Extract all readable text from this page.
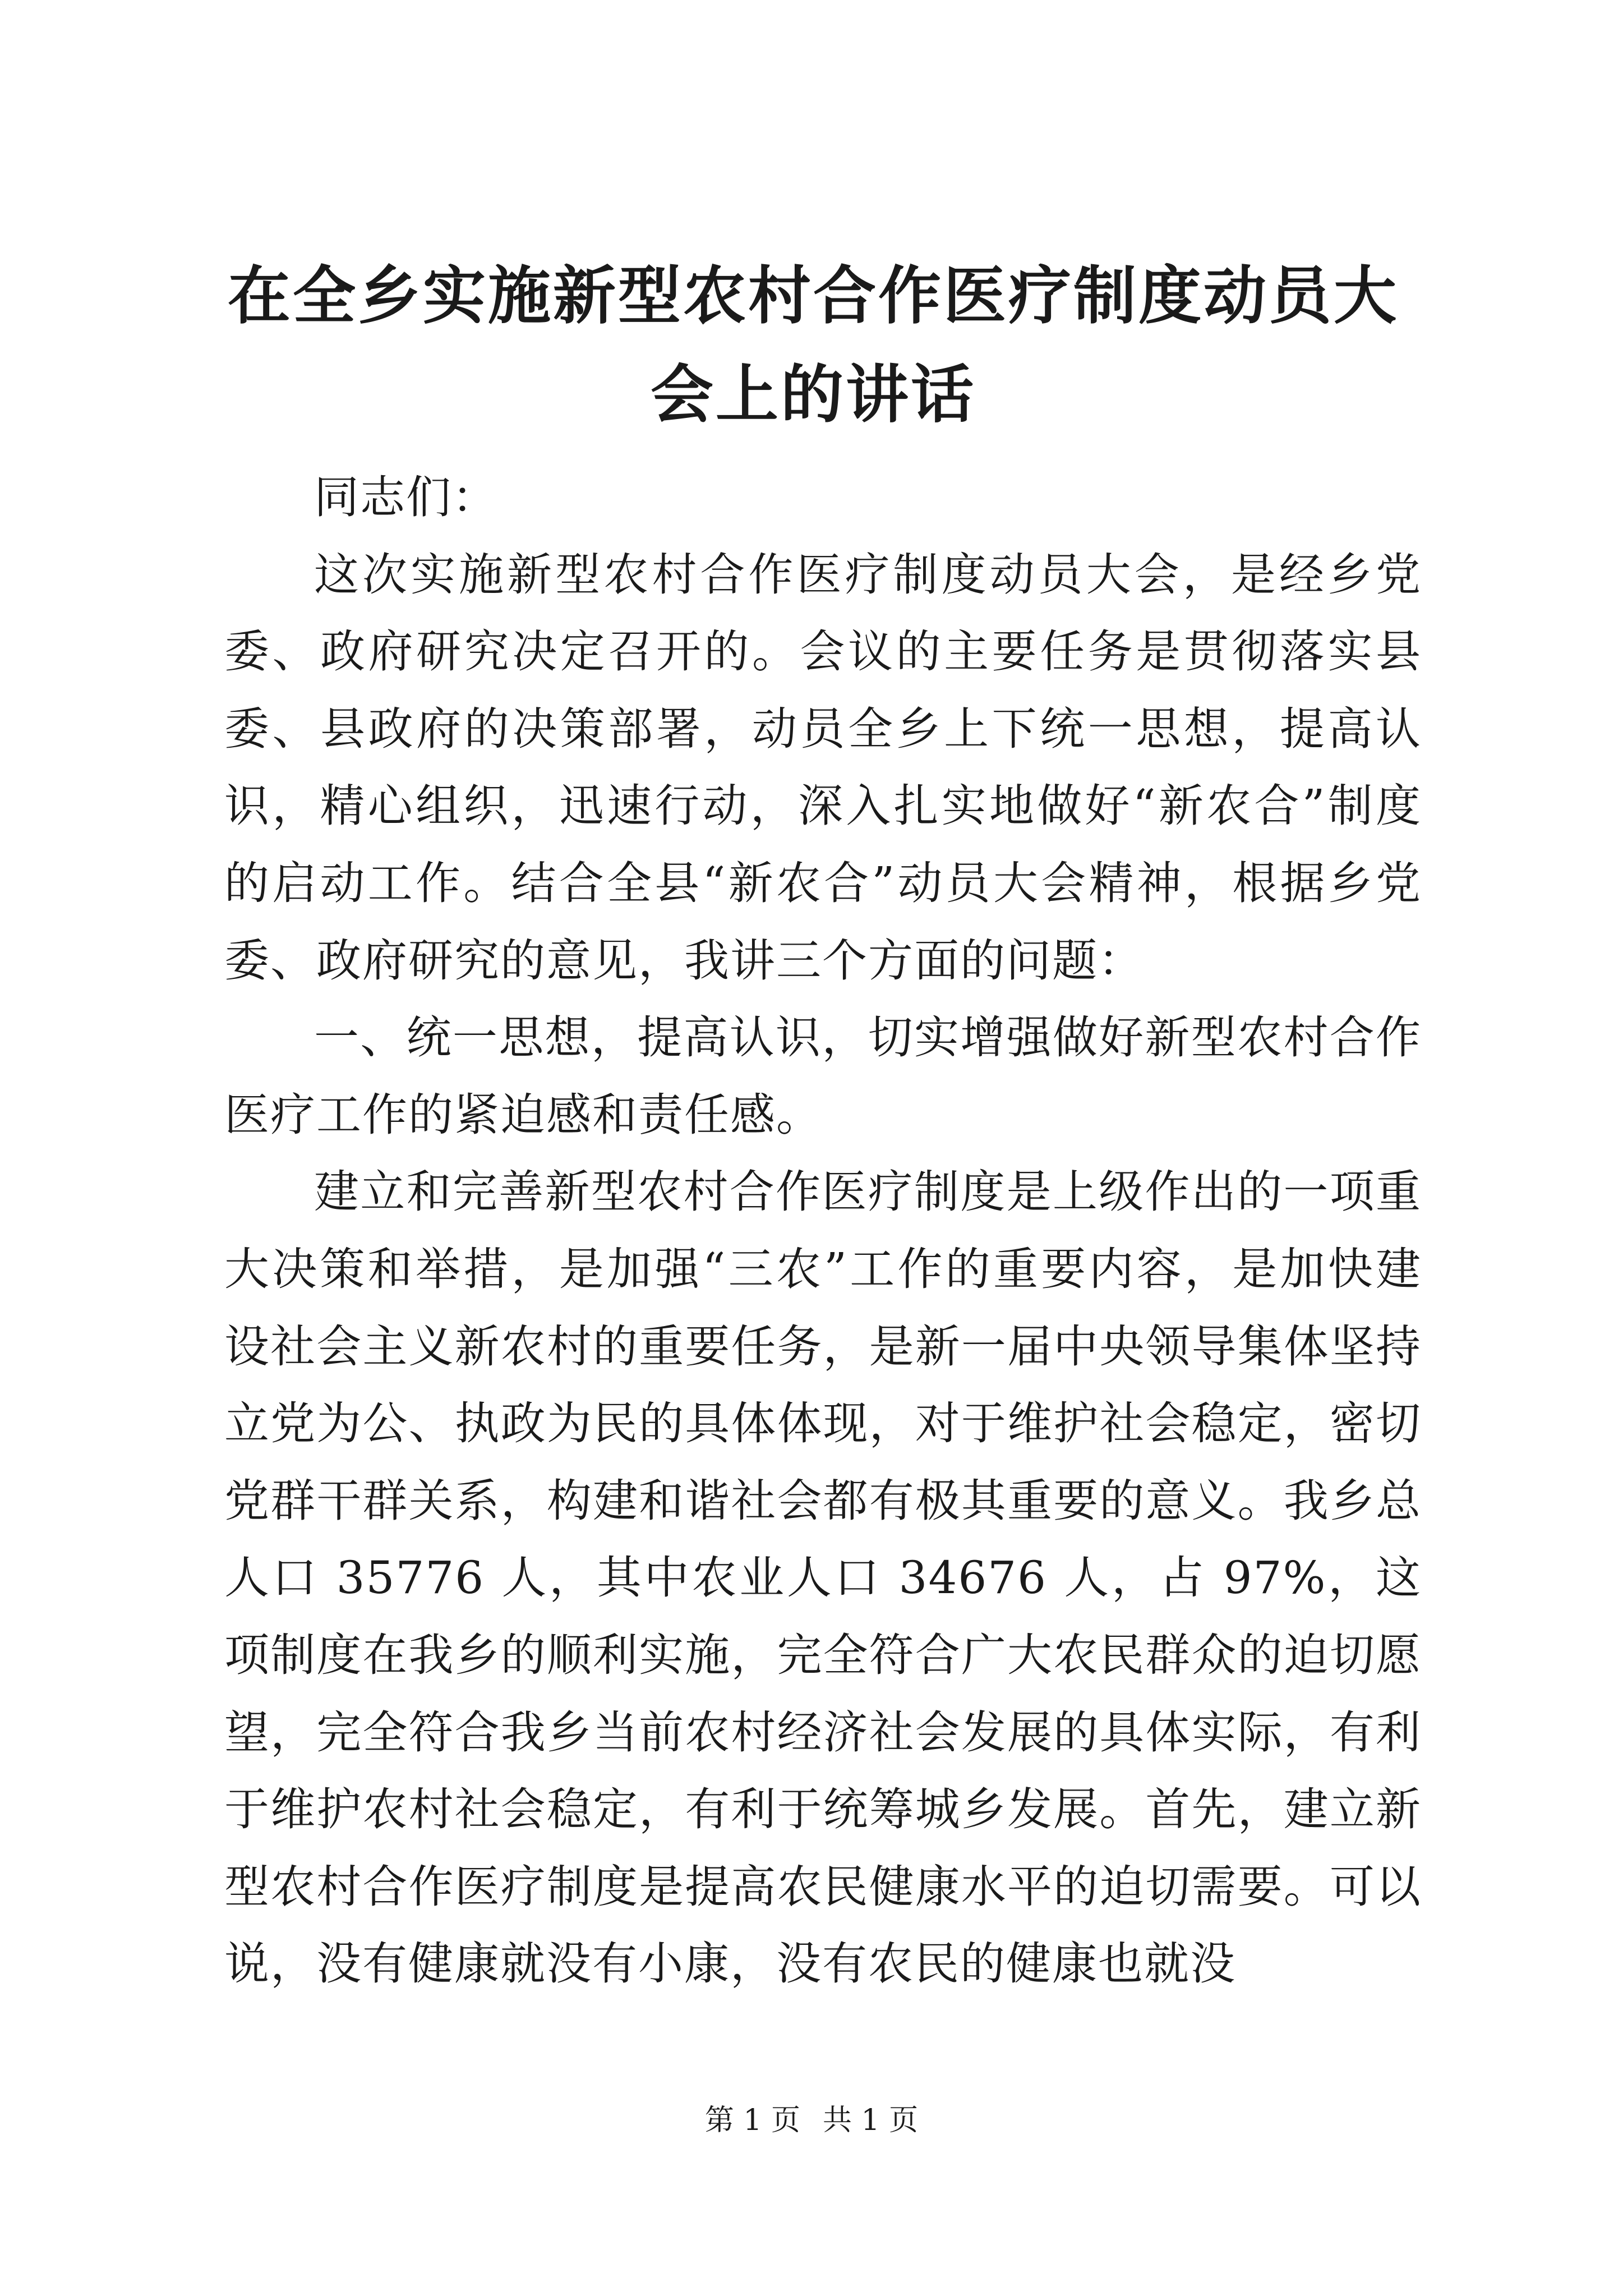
在全乡实施新型农村合作医疗制度动员大会上的讲话

同志们：

这次实施新型农村合作医疗制度动员大会，是经乡党委、政府研究决定召开的。会议的主要任务是贯彻落实县委、县政府的决策部署，动员全乡上下统一思想，提高认识，精心组织，迅速行动，深入扎实地做好“新农合”制度的启动工作。结合全县“新农合”动员大会精神，根据乡党委、政府研究的意见，我讲三个方面的问题：

一、统一思想，提高认识，切实增强做好新型农村合作医疗工作的紧迫感和责任感。

建立和完善新型农村合作医疗制度是上级作出的一项重大决策和举措，是加强“三农”工作的重要内容，是加快建设社会主义新农村的重要任务，是新一届中央领导集体坚持立党为公、执政为民的具体体现，对于维护社会稳定，密切党群干群关系，构建和谐社会都有极其重要的意义。我乡总人口 35776 人，其中农业人口 34676 人，占 97%，这项制度在我乡的顺利实施，完全符合广大农民群众的迫切愿望，完全符合我乡当前农村经济社会发展的具体实际，有利于维护农村社会稳定，有利于统筹城乡发展。首先，建立新型农村合作医疗制度是提高农民健康水平的迫切需要。可以说，没有健康就没有小康，没有农民的健康也就没

第 1 页 共 1 页
